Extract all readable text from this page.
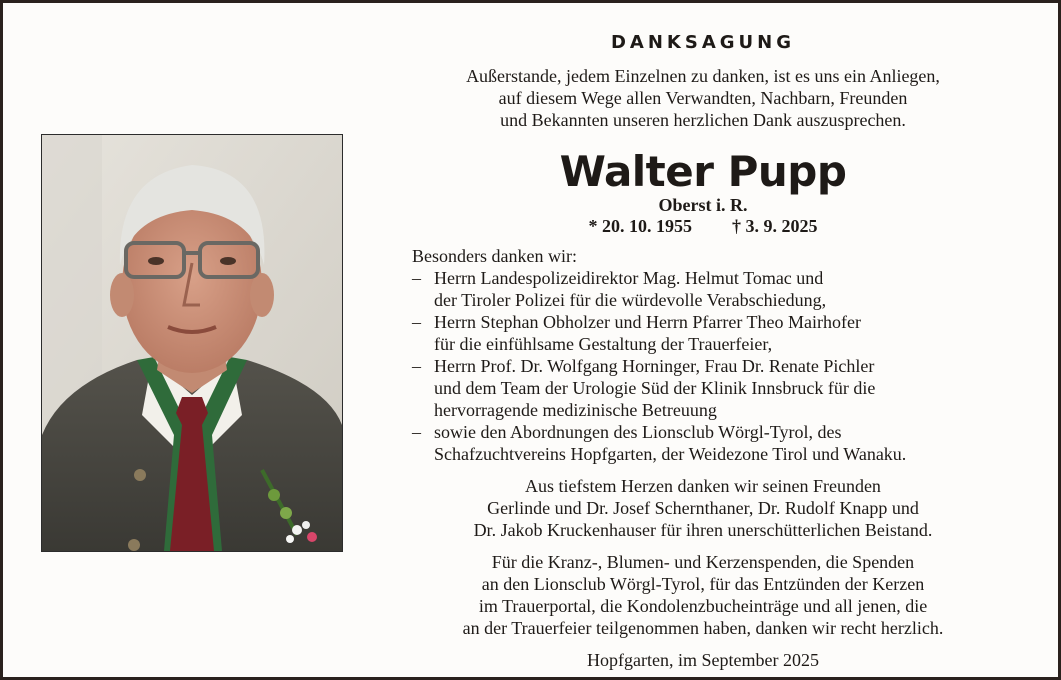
DANKSAGUNG
Außerstande, jedem Einzelnen zu danken, ist es uns ein Anliegen,
auf diesem Wege allen Verwandten, Nachbarn, Freunden
und Bekannten unseren herzlichen Dank auszusprechen.
Walter Pupp
Oberst i. R.
* 20. 10. 1955 † 3. 9. 2025
Besonders danken wir:
– Herrn Landespolizeidirektor Mag. Helmut Tomac und
der Tiroler Polizei für die würdevolle Verabschiedung,
– Herrn Stephan Obholzer und Herrn Pfarrer Theo Mairhofer
für die einfühlsame Gestaltung der Trauerfeier,
– Herrn Prof. Dr. Wolfgang Horninger, Frau Dr. Renate Pichler
und dem Team der Urologie Süd der Klinik Innsbruck für die
hervorragende medizinische Betreuung
– sowie den Abordnungen des Lionsclub Wörgl-Tyrol, des
Schafzuchtvereins Hopfgarten, der Weidezone Tirol und Wanaku.
Aus tiefstem Herzen danken wir seinen Freunden
Gerlinde und Dr. Josef Schernthaner, Dr. Rudolf Knapp und
Dr. Jakob Kruckenhauser für ihren unerschütterlichen Beistand.
Für die Kranz-, Blumen- und Kerzenspenden, die Spenden
an den Lionsclub Wörgl-Tyrol, für das Entzünden der Kerzen
im Trauerportal, die Kondolenzbucheinträge und all jenen, die
an der Trauerfeier teilgenommen haben, danken wir recht herzlich.
Hopfgarten, im September 2025
